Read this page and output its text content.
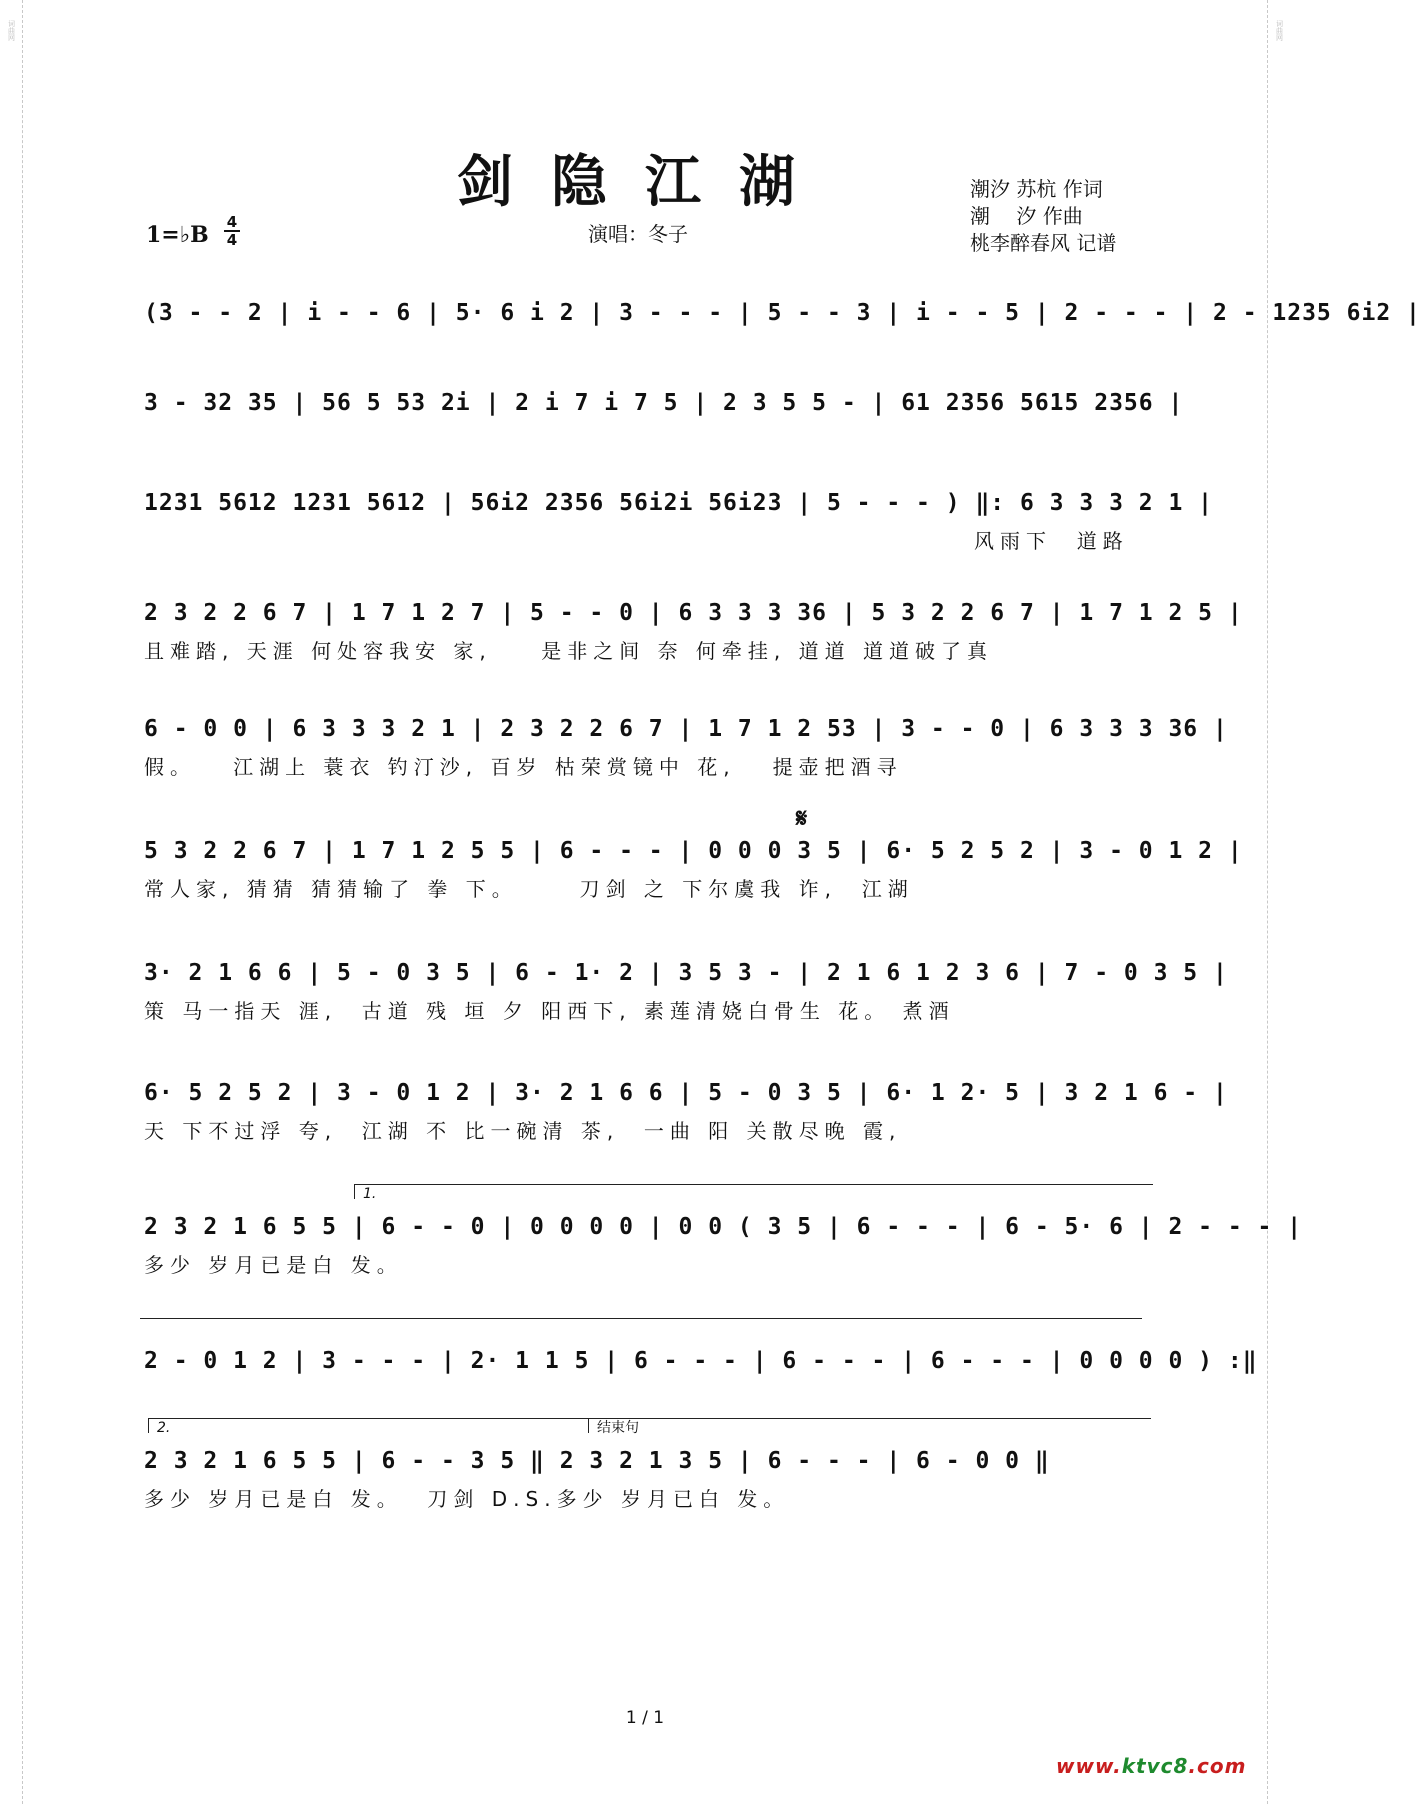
词曲网	词曲网
剑隐江湖	潮汐 苏杭 作词
潮　 汐 作曲
桃李醉春风 记谱
1=♭B 4
4	演唱：冬子
(3 - - 2 | i - - 6 | 5· 6 i 2 | 3 - - - | 5 - - 3 | i - - 5 | 2 - - - | 2 - 1235 6i2 |
3 - 32 35 | 56 5 53 2i | 2 i 7 i 7 5 | 2 3 5 5 - | 61 2356 5615 2356 |
1231 5612 1231 5612 | 56i2 2356 56i2i 56i23 | 5 - - - ) ‖: 6 3 3 3 2 1 |
风雨下  道路
2 3 2 2 6 7 | 1 7 1 2 7 | 5 - - 0 | 6 3 3 3 36 | 5 3 2 2 6 7 | 1 7 1 2 5 |
且难踏, 天涯 何处容我安 家,    是非之间 奈 何牵挂, 道道 道道破了真
6 - 0 0 | 6 3 3 3 2 1 | 2 3 2 2 6 7 | 1 7 1 2 53 | 3 - - 0 | 6 3 3 3 36 |
假。   江湖上 蓑衣 钓汀沙, 百岁 枯荣赏镜中 花,   提壶把酒寻
𝄋
5 3 2 2 6 7 | 1 7 1 2 5 5 | 6 - - - | 0 0 0 3 5 | 6· 5 2 5 2 | 3 - 0 1 2 |
常人家, 猜猜 猜猜输了 拳 下。     刀剑 之 下尔虞我 诈,  江湖
3· 2 1 6 6 | 5 - 0 3 5 | 6 - 1· 2 | 3 5 3 - | 2 1 6 1 2 3 6 | 7 - 0 3 5 |
策 马一指天 涯,  古道 残 垣 夕 阳西下, 素莲清娆白骨生 花。 煮酒
6· 5 2 5 2 | 3 - 0 1 2 | 3· 2 1 6 6 | 5 - 0 3 5 | 6· 1 2· 5 | 3 2 1 6 - |
天 下不过浮 夸,  江湖 不 比一碗清 茶,  一曲 阳 关散尽晚 霞,
1.
2 3 2 1 6 5 5 | 6 - - 0 | 0 0 0 0 | 0 0 ( 3 5 | 6 - - - | 6 - 5· 6 | 2 - - - |
多少 岁月已是白 发。
2 - 0 1 2 | 3 - - - | 2· 1 1 5 | 6 - - - | 6 - - - | 6 - - - | 0 0 0 0 ) :‖
2.	结束句
2 3 2 1 6 5 5 | 6 - - 3 5 ‖ 2 3 2 1 3 5 | 6 - - - | 6 - 0 0 ‖
多少 岁月已是白 发。  刀剑 D.S.多少 岁月已白 发。
1 / 1
www.ktvc8.com
